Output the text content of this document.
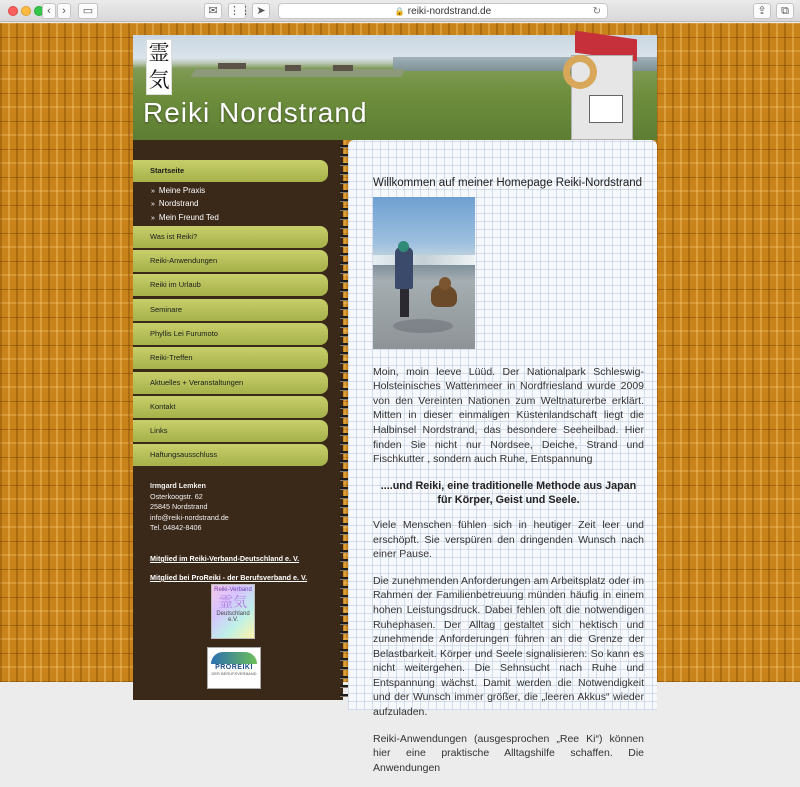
‹	›	▭	✉	⋮⋮ ➤	🔒 reiki-nordstrand.de	↻	⇪	⧉
霊
気
Reiki Nordstrand
Startseite
» Meine Praxis
» Nordstrand
» Mein Freund Ted
Was ist Reiki?
Reiki-Anwendungen
Reiki im Urlaub
Seminare
Phyllis Lei Furumoto
Reiki-Treffen
Aktuelles + Veranstaltungen
Kontakt
Links
Haftungsausschluss
Irmgard Lemken
Osterkoogstr. 62
25845 Nordstrand
info@reiki-nordstrand.de
Tel. 04842-8406
Mitglied im Reiki-Verband-Deutschland e. V.
Mitglied bei ProReiki - der Berufsverband e. V.
Reiki-Verband
霊気
Deutschland e.V.
PROREIKI
DER BERUFSVERBAND
Willkommen auf meiner Homepage Reiki-Nordstrand
Moin, moin leeve Lüüd. Der Nationalpark Schleswig-Holsteinisches Wattenmeer in Nordfriesland wurde 2009 von den Vereinten Nationen zum Weltnaturerbe erklärt. Mitten in dieser einmaligen Küstenlandschaft liegt die Halbinsel Nordstrand, das besondere Seeheilbad. Hier finden Sie nicht nur Nordsee, Deiche, Strand und Fischkutter , sondern auch Ruhe, Entspannung
....und Reiki, eine traditionelle Methode aus Japan für Körper, Geist und Seele.
Viele Menschen fühlen sich in heutiger Zeit leer und erschöpft. Sie verspüren den dringenden Wunsch nach einer Pause.
Die zunehmenden Anforderungen am Arbeitsplatz oder im Rahmen der Familienbetreuung münden häufig in einem hohen Leistungsdruck. Dabei fehlen oft die notwendigen Ruhephasen. Der Alltag gestaltet sich hektisch und zunehmende Anforderungen führen an die Grenze der Belastbarkeit. Körper und Seele signalisieren: So kann es nicht weitergehen. Die Sehnsucht nach Ruhe und Entspannung wächst. Damit werden die Notwendigkeit und der Wunsch immer größer, die „leeren Akkus“ wieder aufzuladen.
Reiki-Anwendungen (ausgesprochen „Ree Ki“) können hier eine praktische Alltagshilfe schaffen. Die Anwendungen
